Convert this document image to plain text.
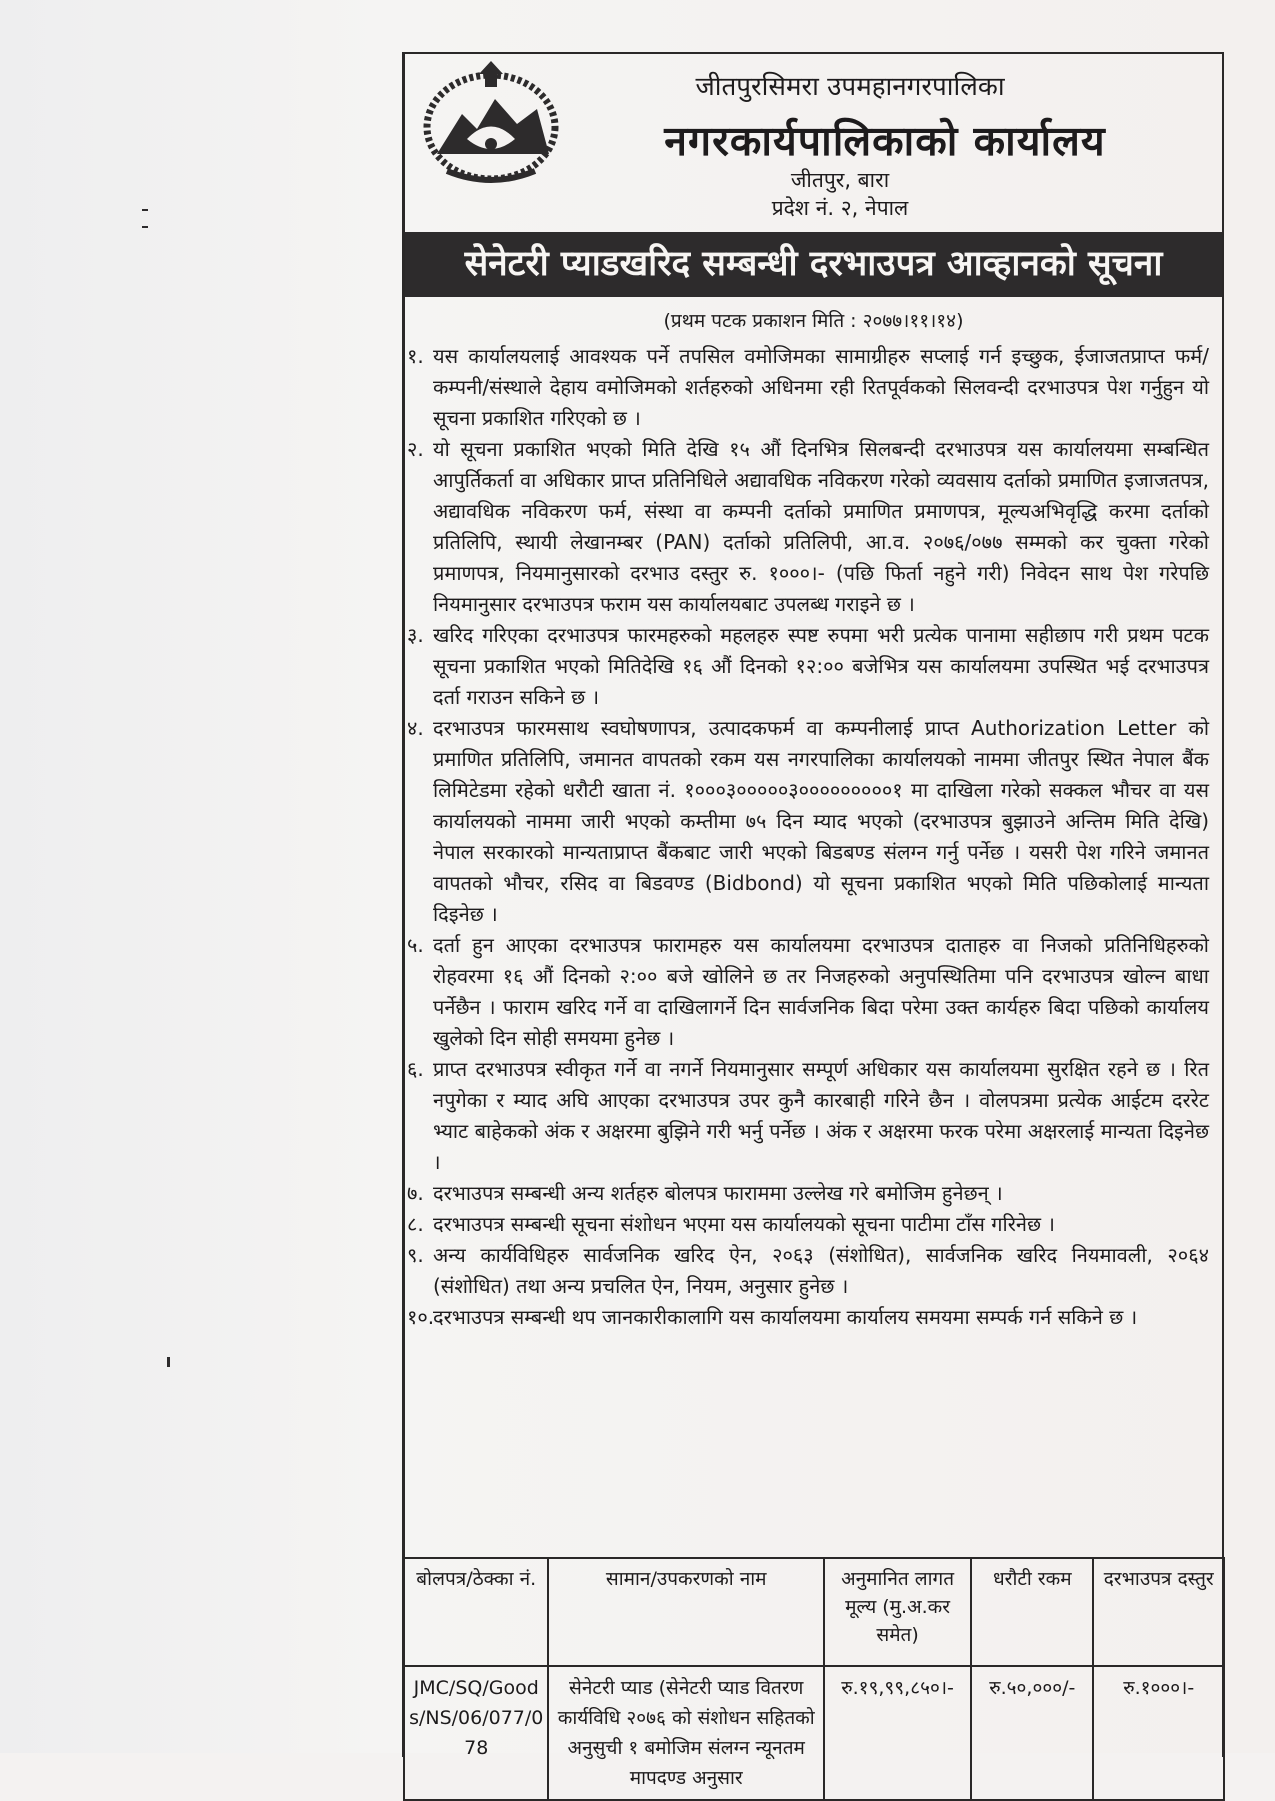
जीतपुरसिमरा उपमहानगरपालिका
नगरकार्यपालिकाको कार्यालय
जीतपुर, बारा
प्रदेश नं. २, नेपाल
सेनेटरी प्याडखरिद सम्बन्धी दरभाउपत्र आव्हानको सूचना
(प्रथम पटक प्रकाशन मिति : २०७७।११।१४)
१. यस कार्यालयलाई आवश्यक पर्ने तपसिल वमोजिमका सामाग्रीहरु सप्लाई गर्न इच्छुक, ईजाजतप्राप्त फर्म/कम्पनी/संस्थाले देहाय वमोजिमको शर्तहरुको अधिनमा रही रितपूर्वकको सिलवन्दी दरभाउपत्र पेश गर्नुहुन यो सूचना प्रकाशित गरिएको छ ।
२. यो सूचना प्रकाशित भएको मिति देखि १५ औं दिनभित्र सिलबन्दी दरभाउपत्र यस कार्यालयमा सम्बन्धित आपुर्तिकर्ता वा अधिकार प्राप्त प्रतिनिधिले अद्यावधिक नविकरण गरेको व्यवसाय दर्ताको प्रमाणित इजाजतपत्र, अद्यावधिक नविकरण फर्म, संस्था वा कम्पनी दर्ताको प्रमाणित प्रमाणपत्र, मूल्यअभिवृद्धि करमा दर्ताको प्रतिलिपि, स्थायी लेखानम्बर (PAN) दर्ताको प्रतिलिपी, आ.व. २०७६/०७७ सम्मको कर चुक्ता गरेको प्रमाणपत्र, नियमानुसारको दरभाउ दस्तुर रु. १०००।- (पछि फिर्ता नहुने गरी) निवेदन साथ पेश गरेपछि नियमानुसार दरभाउपत्र फराम यस कार्यालयबाट उपलब्ध गराइने छ ।
३. खरिद गरिएका दरभाउपत्र फारमहरुको महलहरु स्पष्ट रुपमा भरी प्रत्येक पानामा सहीछाप गरी प्रथम पटक सूचना प्रकाशित भएको मितिदेखि १६ औं दिनको १२:०० बजेभित्र यस कार्यालयमा उपस्थित भई दरभाउपत्र दर्ता गराउन सकिने छ ।
४. दरभाउपत्र फारमसाथ स्वघोषणापत्र, उत्पादकफर्म वा कम्पनीलाई प्राप्त Authorization Letter को प्रमाणित प्रतिलिपि, जमानत वापतको रकम यस नगरपालिका कार्यालयको नाममा जीतपुर स्थित नेपाल बैंक लिमिटेडमा रहेको धरौटी खाता नं. १०००३०००००३०००००००००१ मा दाखिला गरेको सक्कल भौचर वा यस कार्यालयको नाममा जारी भएको कम्तीमा ७५ दिन म्याद भएको (दरभाउपत्र बुझाउने अन्तिम मिति देखि) नेपाल सरकारको मान्यताप्राप्त बैंकबाट जारी भएको बिडबण्ड संलग्न गर्नु पर्नेछ । यसरी पेश गरिने जमानत वापतको भौचर, रसिद वा बिडवण्ड (Bidbond) यो सूचना प्रकाशित भएको मिति पछिकोलाई मान्यता दिइनेछ ।
५. दर्ता हुन आएका दरभाउपत्र फारामहरु यस कार्यालयमा दरभाउपत्र दाताहरु वा निजको प्रतिनिधिहरुको रोहवरमा १६ औं दिनको २:०० बजे खोलिने छ तर निजहरुको अनुपस्थितिमा पनि दरभाउपत्र खोल्न बाधा पर्नेछैन । फाराम खरिद गर्ने वा दाखिलागर्ने दिन सार्वजनिक बिदा परेमा उक्त कार्यहरु बिदा पछिको कार्यालय खुलेको दिन सोही समयमा हुनेछ ।
६. प्राप्त दरभाउपत्र स्वीकृत गर्ने वा नगर्ने नियमानुसार सम्पूर्ण अधिकार यस कार्यालयमा सुरक्षित रहने छ । रित नपुगेका र म्याद अघि आएका दरभाउपत्र उपर कुनै कारबाही गरिने छैन । वोलपत्रमा प्रत्येक आईटम दररेट भ्याट बाहेकको अंक र अक्षरमा बुझिने गरी भर्नु पर्नेछ । अंक र अक्षरमा फरक परेमा अक्षरलाई मान्यता दिइनेछ ।
७. दरभाउपत्र सम्बन्धी अन्य शर्तहरु बोलपत्र फाराममा उल्लेख गरे बमोजिम हुनेछन् ।
८. दरभाउपत्र सम्बन्धी सूचना संशोधन भएमा यस कार्यालयको सूचना पाटीमा टाँस गरिनेछ ।
९. अन्य कार्यविधिहरु सार्वजनिक खरिद ऐन, २०६३ (संशोधित), सार्वजनिक खरिद नियमावली, २०६४ (संशोधित) तथा अन्य प्रचलित ऐन, नियम, अनुसार हुनेछ ।
१०.
दरभाउपत्र सम्बन्धी थप जानकारीकालागि यस कार्यालयमा कार्यालय समयमा सम्पर्क गर्न सकिने छ ।
बोलपत्र/ठेक्का नं.	सामान/उपकरणको नाम	अनुमानित लागत मूल्य (मु.अ.कर समेत)	धरौटी रकम	दरभाउपत्र दस्तुर
JMC/SQ/Goods/NS/06/077/078	सेनेटरी प्याड (सेनेटरी प्याड वितरण कार्यविधि २०७६ को संशोधन सहितको अनुसुची १ बमोजिम संलग्न न्यूनतम मापदण्ड अनुसार	रु.१९,९९,८५०।-	रु.५०,०००/-	रु.१०००।-
